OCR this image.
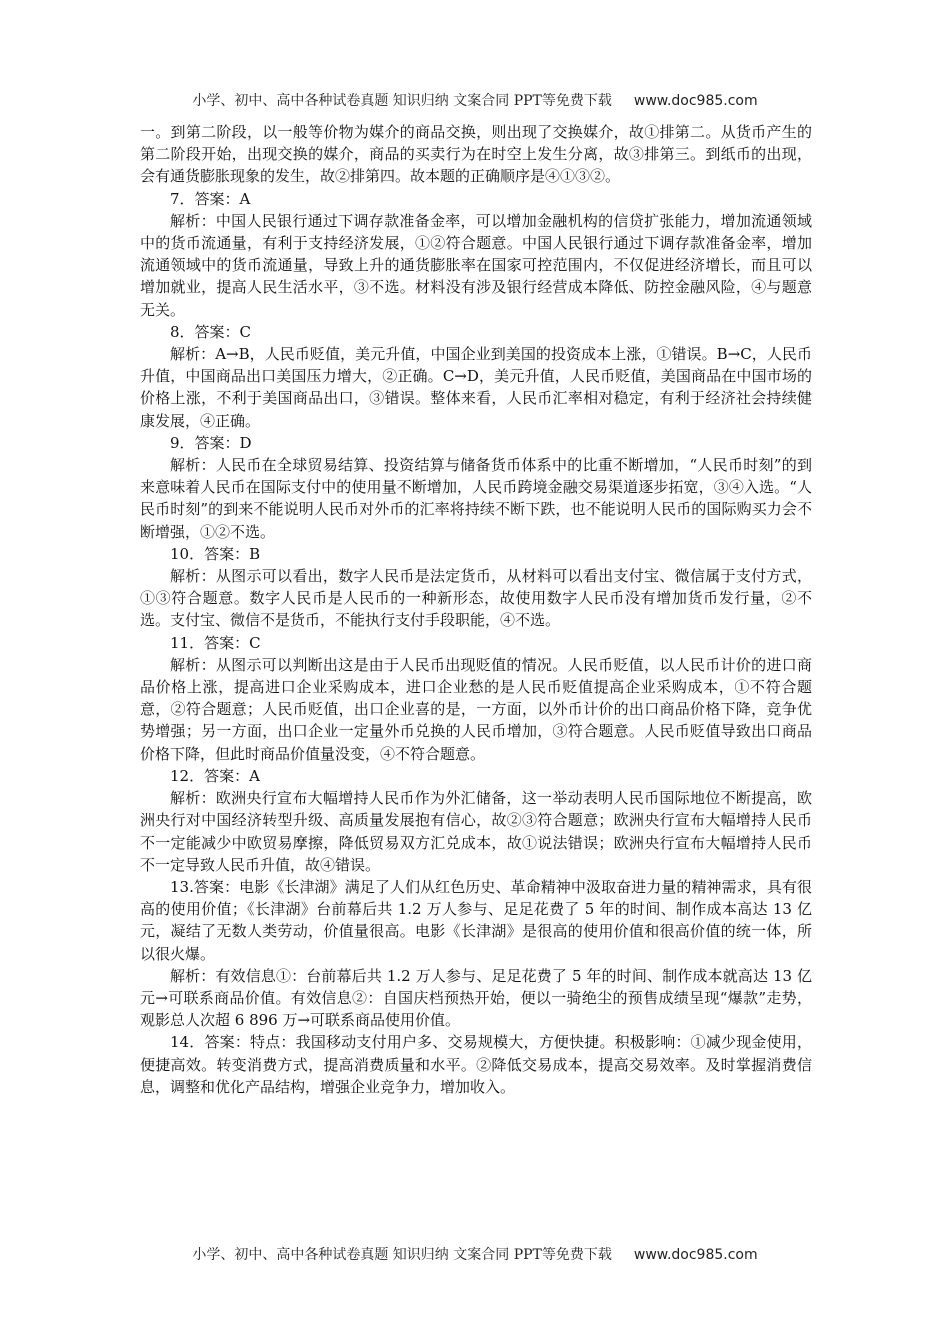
小学、初中、高中各种试卷真题 知识归纳 文案合同 PPT等免费下载 www.doc985.com

一。到第二阶段，以一般等价物为媒介的商品交换，则出现了交换媒介，故①排第二。从货币产生的第二阶段开始，出现交换的媒介，商品的买卖行为在时空上发生分离，故③排第三。到纸币的出现，会有通货膨胀现象的发生，故②排第四。故本题的正确顺序是④①③②。

7．答案：A

解析：中国人民银行通过下调存款准备金率，可以增加金融机构的信贷扩张能力，增加流通领域中的货币流通量，有利于支持经济发展，①②符合题意。中国人民银行通过下调存款准备金率，增加流通领域中的货币流通量，导致上升的通货膨胀率在国家可控范围内，不仅促进经济增长，而且可以增加就业，提高人民生活水平，③不选。材料没有涉及银行经营成本降低、防控金融风险，④与题意无关。

8．答案：C

解析：A→B，人民币贬值，美元升值，中国企业到美国的投资成本上涨，①错误。B→C，人民币升值，中国商品出口美国压力增大，②正确。C→D，美元升值，人民币贬值，美国商品在中国市场的价格上涨，不利于美国商品出口，③错误。整体来看，人民币汇率相对稳定，有利于经济社会持续健康发展，④正确。

9．答案：D

解析：人民币在全球贸易结算、投资结算与储备货币体系中的比重不断增加，“人民币时刻”的到来意味着人民币在国际支付中的使用量不断增加，人民币跨境金融交易渠道逐步拓宽，③④入选。“人民币时刻”的到来不能说明人民币对外币的汇率将持续不断下跌，也不能说明人民币的国际购买力会不断增强，①②不选。

10．答案：B

解析：从图示可以看出，数字人民币是法定货币，从材料可以看出支付宝、微信属于支付方式，①③符合题意。数字人民币是人民币的一种新形态，故使用数字人民币没有增加货币发行量，②不选。支付宝、微信不是货币，不能执行支付手段职能，④不选。

11．答案：C

解析：从图示可以判断出这是由于人民币出现贬值的情况。人民币贬值，以人民币计价的进口商品价格上涨，提高进口企业采购成本，进口企业愁的是人民币贬值提高企业采购成本，①不符合题意，②符合题意；人民币贬值，出口企业喜的是，一方面，以外币计价的出口商品价格下降，竞争优势增强；另一方面，出口企业一定量外币兑换的人民币增加，③符合题意。人民币贬值导致出口商品价格下降，但此时商品价值量没变，④不符合题意。

12．答案：A

解析：欧洲央行宣布大幅增持人民币作为外汇储备，这一举动表明人民币国际地位不断提高，欧洲央行对中国经济转型升级、高质量发展抱有信心，故②③符合题意；欧洲央行宣布大幅增持人民币不一定能减少中欧贸易摩擦，降低贸易双方汇兑成本，故①说法错误；欧洲央行宣布大幅增持人民币不一定导致人民币升值，故④错误。

13.答案：电影《长津湖》满足了人们从红色历史、革命精神中汲取奋进力量的精神需求，具有很高的使用价值；《长津湖》台前幕后共 1.2 万人参与、足足花费了 5 年的时间、制作成本高达 13 亿元，凝结了无数人类劳动，价值量很高。电影《长津湖》是很高的使用价值和很高价值的统一体，所以很火爆。

解析：有效信息①：台前幕后共 1.2 万人参与、足足花费了 5 年的时间、制作成本就高达 13 亿元→可联系商品价值。有效信息②：自国庆档预热开始，便以一骑绝尘的预售成绩呈现“爆款”走势，观影总人次超 6 896 万→可联系商品使用价值。

14．答案：特点：我国移动支付用户多、交易规模大，方便快捷。积极影响：①减少现金使用，便捷高效。转变消费方式，提高消费质量和水平。②降低交易成本，提高交易效率。及时掌握消费信息，调整和优化产品结构，增强企业竞争力，增加收入。

小学、初中、高中各种试卷真题 知识归纳 文案合同 PPT等免费下载 www.doc985.com
